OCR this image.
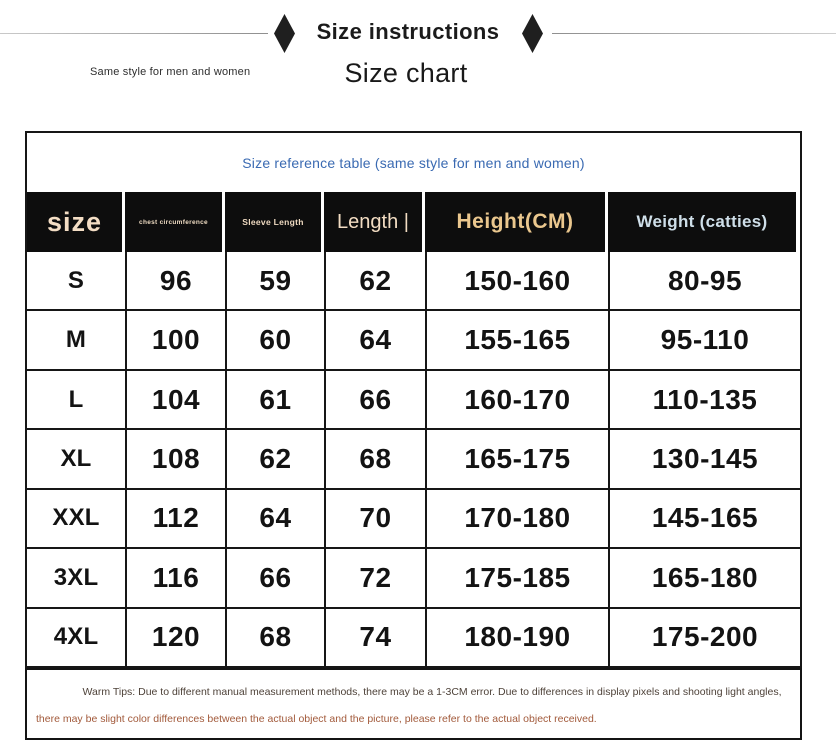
Size instructions
Same style for men and women	Size chart
Size reference table (same style for men and women)
size	chest circumference	Sleeve Length	Length |	Height(CM)	Weight (catties)
S	96	59	62	150-160	80-95
M	100	60	64	155-165	95-110
L	104	61	66	160-170	110-135
XL	108	62	68	165-175	130-145
XXL	112	64	70	170-180	145-165
3XL	116	66	72	175-185	165-180
4XL	120	68	74	180-190	175-200
Warm Tips: Due to different manual measurement methods, there may be a 1-3CM error. Due to differences in display pixels and shooting light angles,
there may be slight color differences between the actual object and the picture, please refer to the actual object received.
